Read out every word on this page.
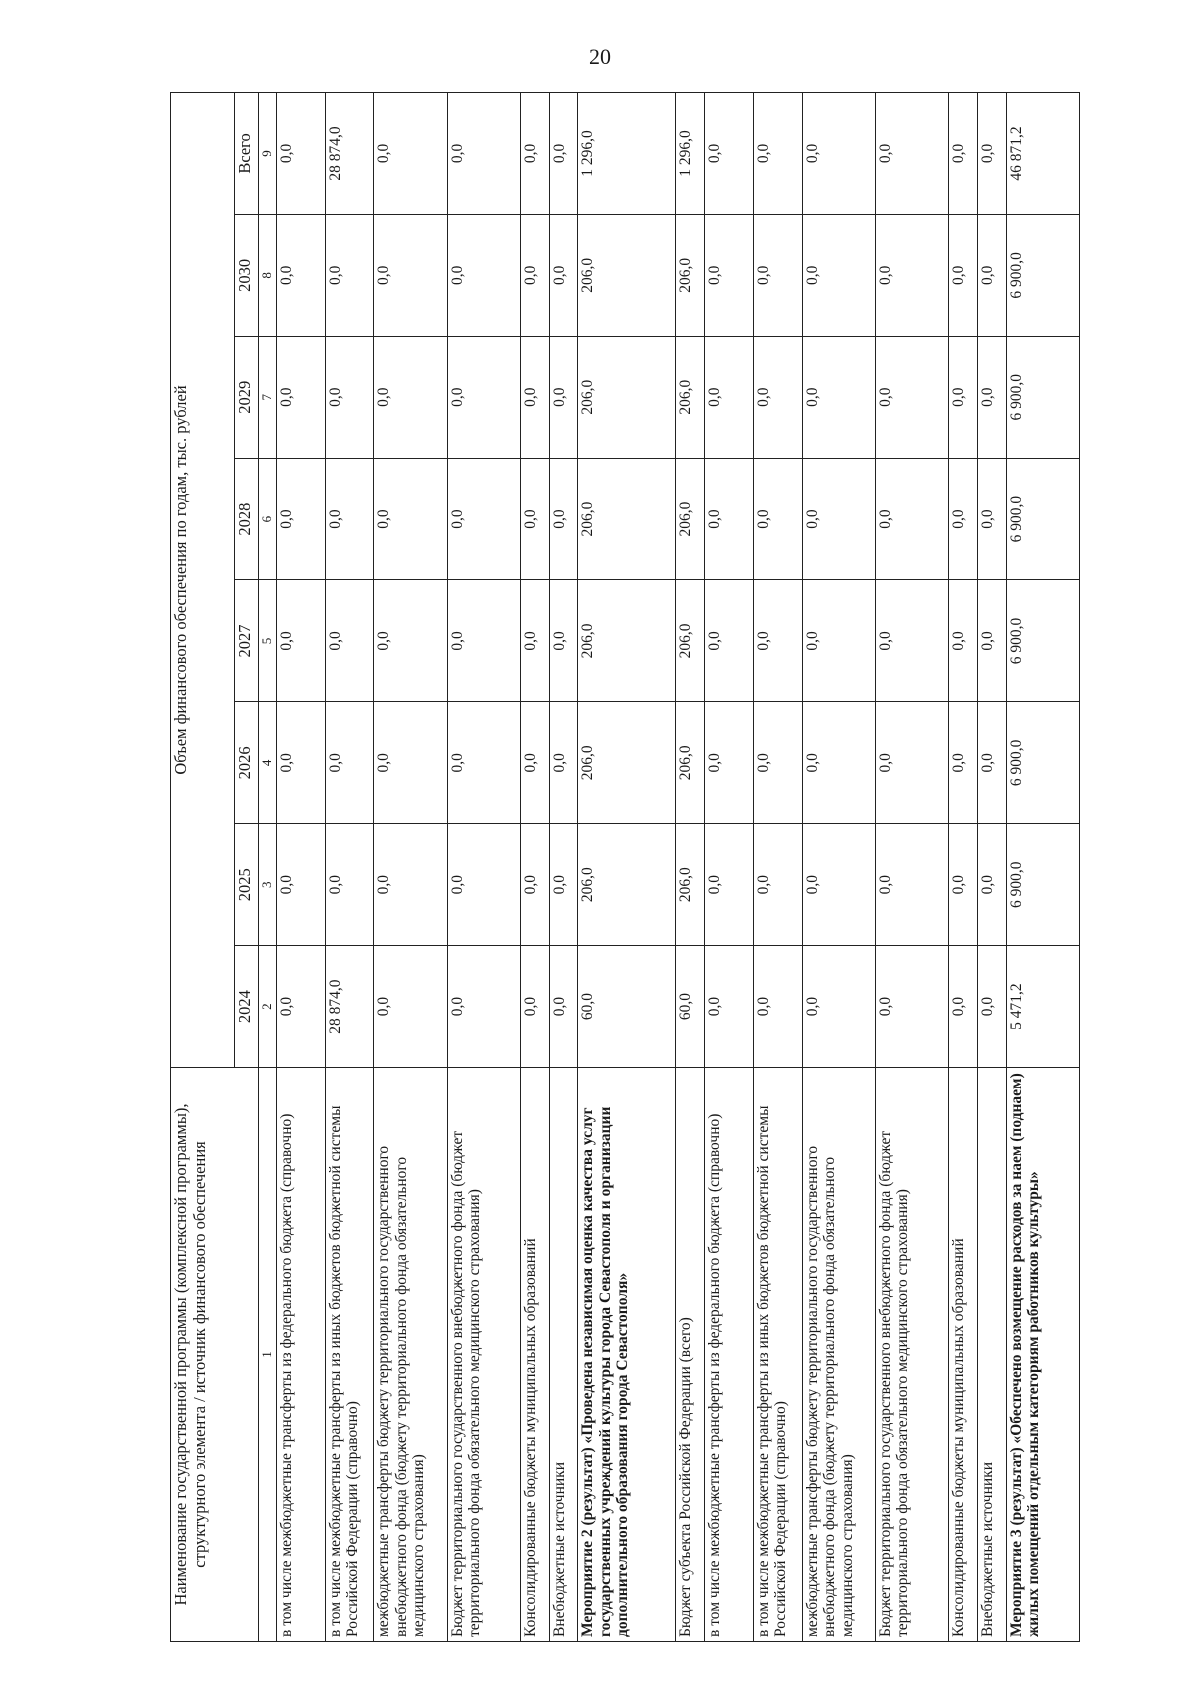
20
Наименование государственной программы (комплексной программы), структурного элемента / источник финансового обеспечения	Объем финансового обеспечения по годам, тыс. рублей							
	2024	2025	2026	2027	2028	2029	2030	Всего
1	2	3	4	5	6	7	8	9
в том числе межбюджетные трансферты из федерального бюджета (справочно)	0,0	0,0	0,0	0,0	0,0	0,0	0,0	0,0
в том числе межбюджетные трансферты из иных бюджетов бюджетной системы Российской Федерации (справочно)	28 874,0	0,0	0,0	0,0	0,0	0,0	0,0	28 874,0
межбюджетные трансферты бюджету территориального государственного внебюджетного фонда (бюджету территориального фонда обязательного медицинского страхования)	0,0	0,0	0,0	0,0	0,0	0,0	0,0	0,0
Бюджет территориального государственного внебюджетного фонда (бюджет территориального фонда обязательного медицинского страхования)	0,0	0,0	0,0	0,0	0,0	0,0	0,0	0,0
Консолидированные бюджеты муниципальных образований	0,0	0,0	0,0	0,0	0,0	0,0	0,0	0,0
Внебюджетные источники	0,0	0,0	0,0	0,0	0,0	0,0	0,0	0,0
Мероприятие 2 (результат) «Проведена независимая оценка качества услуг государственных учреждений культуры города Севастополя и организации дополнительного образования города Севастополя»	60,0	206,0	206,0	206,0	206,0	206,0	206,0	1 296,0
Бюджет субъекта Российской Федерации (всего)	60,0	206,0	206,0	206,0	206,0	206,0	206,0	1 296,0
в том числе межбюджетные трансферты из федерального бюджета (справочно)	0,0	0,0	0,0	0,0	0,0	0,0	0,0	0,0
в том числе межбюджетные трансферты из иных бюджетов бюджетной системы Российской Федерации (справочно)	0,0	0,0	0,0	0,0	0,0	0,0	0,0	0,0
межбюджетные трансферты бюджету территориального государственного внебюджетного фонда (бюджету территориального фонда обязательного медицинского страхования)	0,0	0,0	0,0	0,0	0,0	0,0	0,0	0,0
Бюджет территориального государственного внебюджетного фонда (бюджет территориального фонда обязательного медицинского страхования)	0,0	0,0	0,0	0,0	0,0	0,0	0,0	0,0
Консолидированные бюджеты муниципальных образований	0,0	0,0	0,0	0,0	0,0	0,0	0,0	0,0
Внебюджетные источники	0,0	0,0	0,0	0,0	0,0	0,0	0,0	0,0
Мероприятие 3 (результат) «Обеспечено возмещение расходов за наем (поднаем) жилых помещений отдельным категориям работников культуры»	5 471,2	6 900,0	6 900,0	6 900,0	6 900,0	6 900,0	6 900,0	46 871,2
